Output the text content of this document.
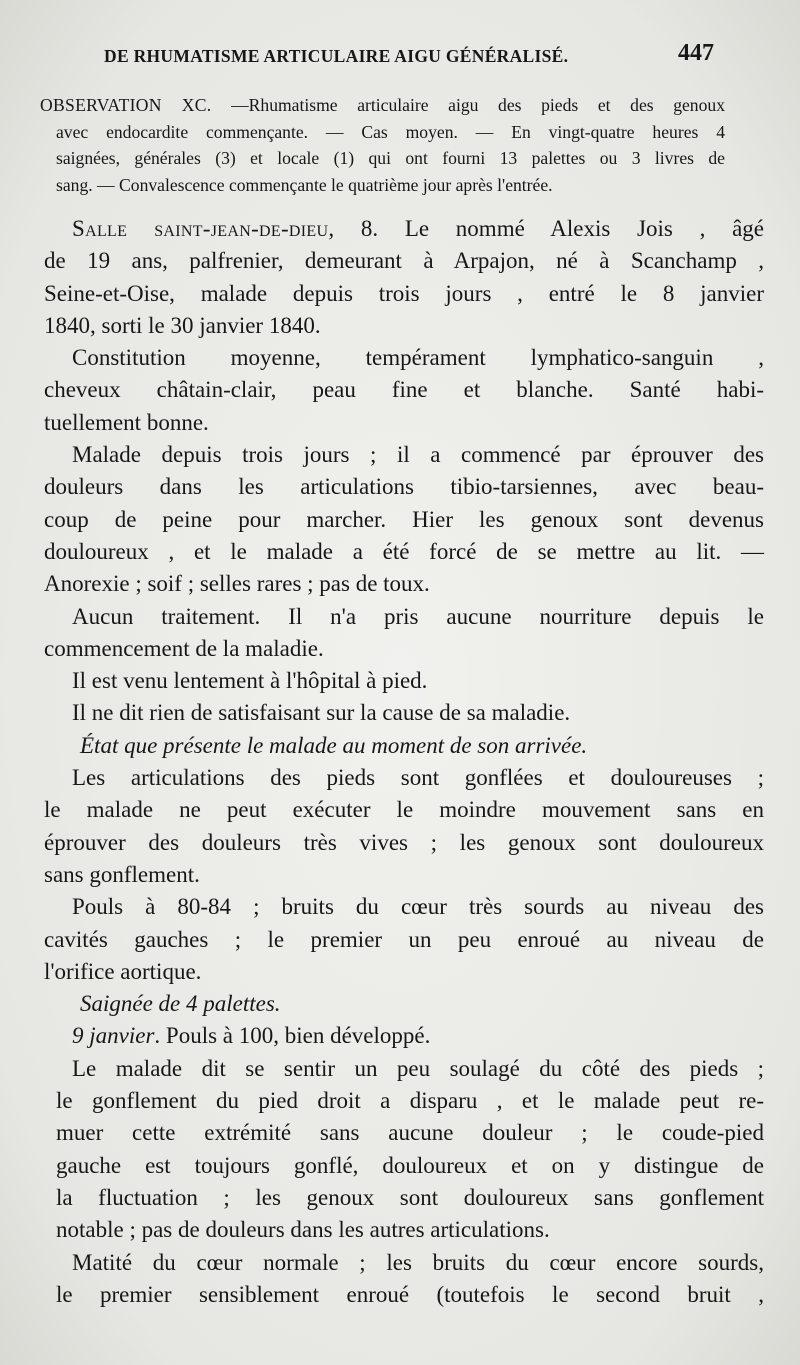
DE RHUMATISME ARTICULAIRE AIGU GÉNÉRALISÉ.	447
OBSERVATION XC. —Rhumatisme articulaire aigu des pieds et des genoux
avec endocardite commençante. — Cas moyen. — En vingt-quatre heures 4
saignées, générales (3) et locale (1) qui ont fourni 13 palettes ou 3 livres de
sang. — Convalescence commençante le quatrième jour après l'entrée.
Salle saint-jean-de-dieu, 8. Le nommé Alexis Jois , âgé
de 19 ans, palfrenier, demeurant à Arpajon, né à Scanchamp ,
Seine-et-Oise, malade depuis trois jours , entré le 8 janvier
1840, sorti le 30 janvier 1840.
Constitution moyenne, tempérament lymphatico-sanguin ,
cheveux châtain-clair, peau fine et blanche. Santé habi-
tuellement bonne.
Malade depuis trois jours ; il a commencé par éprouver des
douleurs dans les articulations tibio-tarsiennes, avec beau-
coup de peine pour marcher. Hier les genoux sont devenus
douloureux , et le malade a été forcé de se mettre au lit. —
Anorexie ; soif ; selles rares ; pas de toux.
Aucun traitement. Il n'a pris aucune nourriture depuis le
commencement de la maladie.
Il est venu lentement à l'hôpital à pied.
Il ne dit rien de satisfaisant sur la cause de sa maladie.
État que présente le malade au moment de son arrivée.
Les articulations des pieds sont gonflées et douloureuses ;
le malade ne peut exécuter le moindre mouvement sans en
éprouver des douleurs très vives ; les genoux sont douloureux
sans gonflement.
Pouls à 80-84 ; bruits du cœur très sourds au niveau des
cavités gauches ; le premier un peu enroué au niveau de
l'orifice aortique.
Saignée de 4 palettes.
9 janvier. Pouls à 100, bien développé.
Le malade dit se sentir un peu soulagé du côté des pieds ;
le gonflement du pied droit a disparu , et le malade peut re-
muer cette extrémité sans aucune douleur ; le coude-pied
gauche est toujours gonflé, douloureux et on y distingue de
la fluctuation ; les genoux sont douloureux sans gonflement
notable ; pas de douleurs dans les autres articulations.
Matité du cœur normale ; les bruits du cœur encore sourds,
le premier sensiblement enroué (toutefois le second bruit ,
